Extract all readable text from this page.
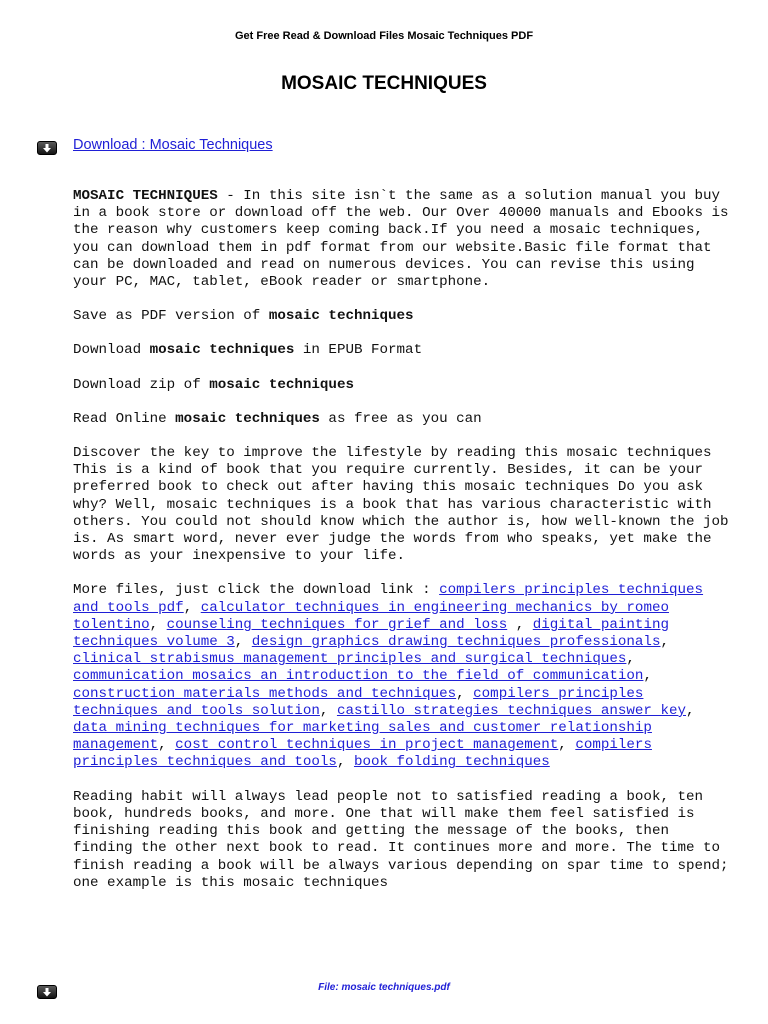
Get Free Read & Download Files Mosaic Techniques PDF
MOSAIC TECHNIQUES
Download : Mosaic Techniques

MOSAIC TECHNIQUES - In this site isn`t the same as a solution manual you buy in a book store or download off the web. Our Over 40000 manuals and Ebooks is the reason why customers keep coming back.If you need a mosaic techniques, you can download them in pdf format from our website.Basic file format that can be downloaded and read on numerous devices. You can revise this using your PC, MAC, tablet, eBook reader or smartphone.

Save as PDF version of mosaic techniques

Download mosaic techniques in EPUB Format

Download zip of mosaic techniques

Read Online mosaic techniques as free as you can

Discover the key to improve the lifestyle by reading this mosaic techniques This is a kind of book that you require currently. Besides, it can be your preferred book to check out after having this mosaic techniques Do you ask why? Well, mosaic techniques is a book that has various characteristic with others. You could not should know which the author is, how well-known the job is. As smart word, never ever judge the words from who speaks, yet make the words as your inexpensive to your life.

More files, just click the download link : compilers principles techniques and tools pdf, calculator techniques in engineering mechanics by romeo tolentino, counseling techniques for grief and loss , digital painting techniques volume 3, design graphics drawing techniques professionals, clinical strabismus management principles and surgical techniques, communication mosaics an introduction to the field of communication, construction materials methods and techniques, compilers principles techniques and tools solution, castillo strategies techniques answer key, data mining techniques for marketing sales and customer relationship management, cost control techniques in project management, compilers principles techniques and tools, book folding techniques

Reading habit will always lead people not to satisfied reading a book, ten book, hundreds books, and more. One that will make them feel satisfied is finishing reading this book and getting the message of the books, then finding the other next book to read. It continues more and more. The time to finish reading a book will be always various depending on spar time to spend; one example is this mosaic techniques

File: mosaic techniques.pdf
